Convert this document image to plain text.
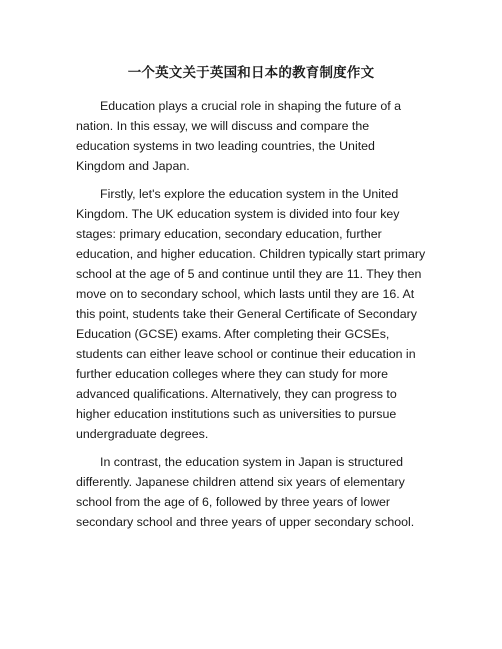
一个英文关于英国和日本的教育制度作文

Education plays a crucial role in shaping the future of a nation. In this essay, we will discuss and compare the education systems in two leading countries, the United Kingdom and Japan.

Firstly, let's explore the education system in the United Kingdom. The UK education system is divided into four key stages: primary education, secondary education, further education, and higher education. Children typically start primary school at the age of 5 and continue until they are 11. They then move on to secondary school, which lasts until they are 16. At this point, students take their General Certificate of Secondary Education (GCSE) exams. After completing their GCSEs, students can either leave school or continue their education in further education colleges where they can study for more advanced qualifications. Alternatively, they can progress to higher education institutions such as universities to pursue undergraduate degrees.

In contrast, the education system in Japan is structured differently. Japanese children attend six years of elementary school from the age of 6, followed by three years of lower secondary school and three years of upper secondary school.
